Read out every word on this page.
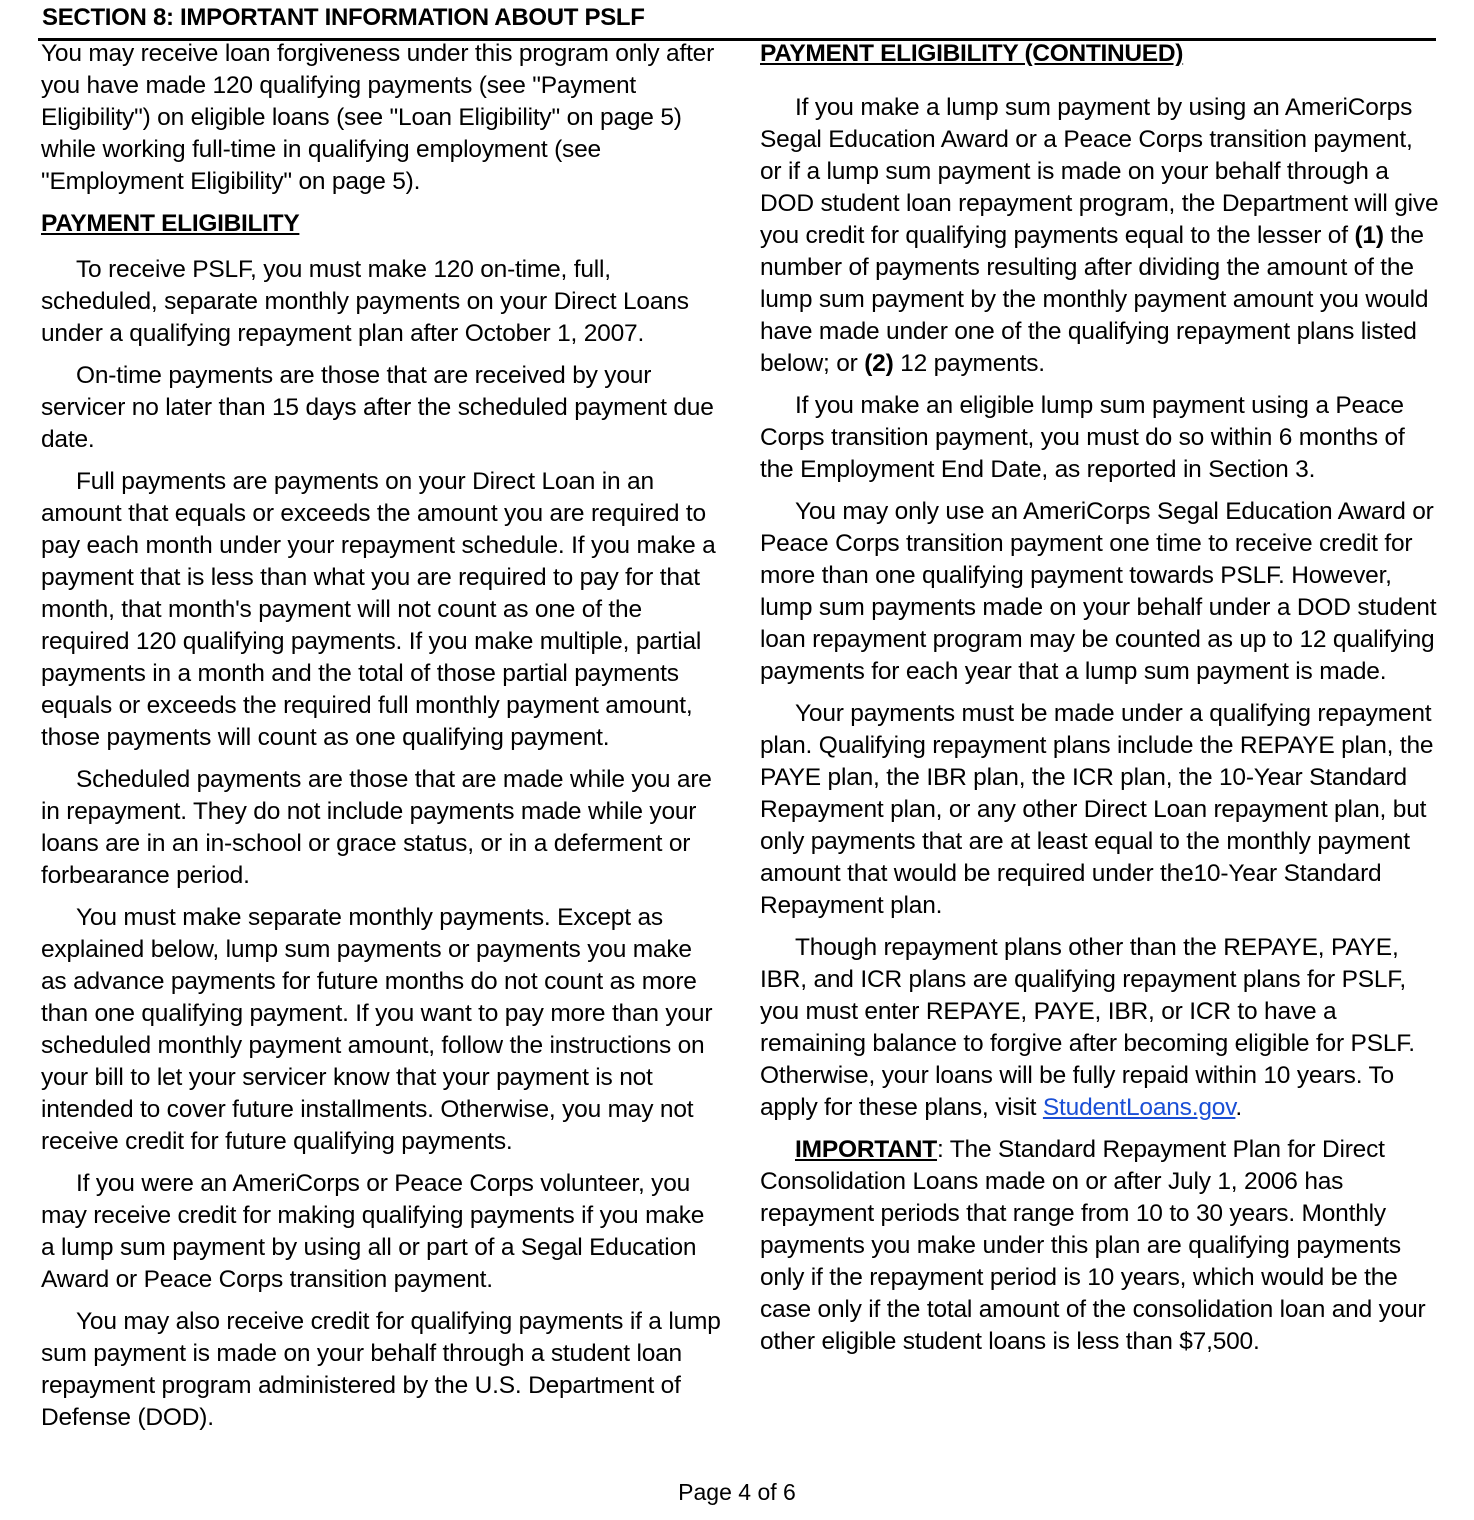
SECTION 8: IMPORTANT INFORMATION ABOUT PSLF

You may receive loan forgiveness under this program only after you have made 120 qualifying payments (see "Payment Eligibility") on eligible loans (see "Loan Eligibility" on page 5) while working full-time in qualifying employment (see "Employment Eligibility" on page 5).

PAYMENT ELIGIBILITY

To receive PSLF, you must make 120 on-time, full, scheduled, separate monthly payments on your Direct Loans under a qualifying repayment plan after October 1, 2007.

On-time payments are those that are received by your servicer no later than 15 days after the scheduled payment due date.

Full payments are payments on your Direct Loan in an amount that equals or exceeds the amount you are required to pay each month under your repayment schedule. If you make a payment that is less than what you are required to pay for that month, that month's payment will not count as one of the required 120 qualifying payments. If you make multiple, partial payments in a month and the total of those partial payments equals or exceeds the required full monthly payment amount, those payments will count as one qualifying payment.

Scheduled payments are those that are made while you are in repayment. They do not include payments made while your loans are in an in-school or grace status, or in a deferment or forbearance period.

You must make separate monthly payments. Except as explained below, lump sum payments or payments you make as advance payments for future months do not count as more than one qualifying payment. If you want to pay more than your scheduled monthly payment amount, follow the instructions on your bill to let your servicer know that your payment is not intended to cover future installments. Otherwise, you may not receive credit for future qualifying payments.

If you were an AmeriCorps or Peace Corps volunteer, you may receive credit for making qualifying payments if you make a lump sum payment by using all or part of a Segal Education Award or Peace Corps transition payment.

You may also receive credit for qualifying payments if a lump sum payment is made on your behalf through a student loan repayment program administered by the U.S. Department of Defense (DOD).

PAYMENT ELIGIBILITY (CONTINUED)

If you make a lump sum payment by using an AmeriCorps Segal Education Award or a Peace Corps transition payment, or if a lump sum payment is made on your behalf through a DOD student loan repayment program, the Department will give you credit for qualifying payments equal to the lesser of (1) the number of payments resulting after dividing the amount of the lump sum payment by the monthly payment amount you would have made under one of the qualifying repayment plans listed below; or (2) 12 payments.

If you make an eligible lump sum payment using a Peace Corps transition payment, you must do so within 6 months of the Employment End Date, as reported in Section 3.

You may only use an AmeriCorps Segal Education Award or Peace Corps transition payment one time to receive credit for more than one qualifying payment towards PSLF. However, lump sum payments made on your behalf under a DOD student loan repayment program may be counted as up to 12 qualifying payments for each year that a lump sum payment is made.

Your payments must be made under a qualifying repayment plan. Qualifying repayment plans include the REPAYE plan, the PAYE plan, the IBR plan, the ICR plan, the 10-Year Standard Repayment plan, or any other Direct Loan repayment plan, but only payments that are at least equal to the monthly payment amount that would be required under the10-Year Standard Repayment plan.

Though repayment plans other than the REPAYE, PAYE, IBR, and ICR plans are qualifying repayment plans for PSLF, you must enter REPAYE, PAYE, IBR, or ICR to have a remaining balance to forgive after becoming eligible for PSLF. Otherwise, your loans will be fully repaid within 10 years. To apply for these plans, visit StudentLoans.gov.

IMPORTANT: The Standard Repayment Plan for Direct Consolidation Loans made on or after July 1, 2006 has repayment periods that range from 10 to 30 years. Monthly payments you make under this plan are qualifying payments only if the repayment period is 10 years, which would be the case only if the total amount of the consolidation loan and your other eligible student loans is less than $7,500.

Page 4 of 6
